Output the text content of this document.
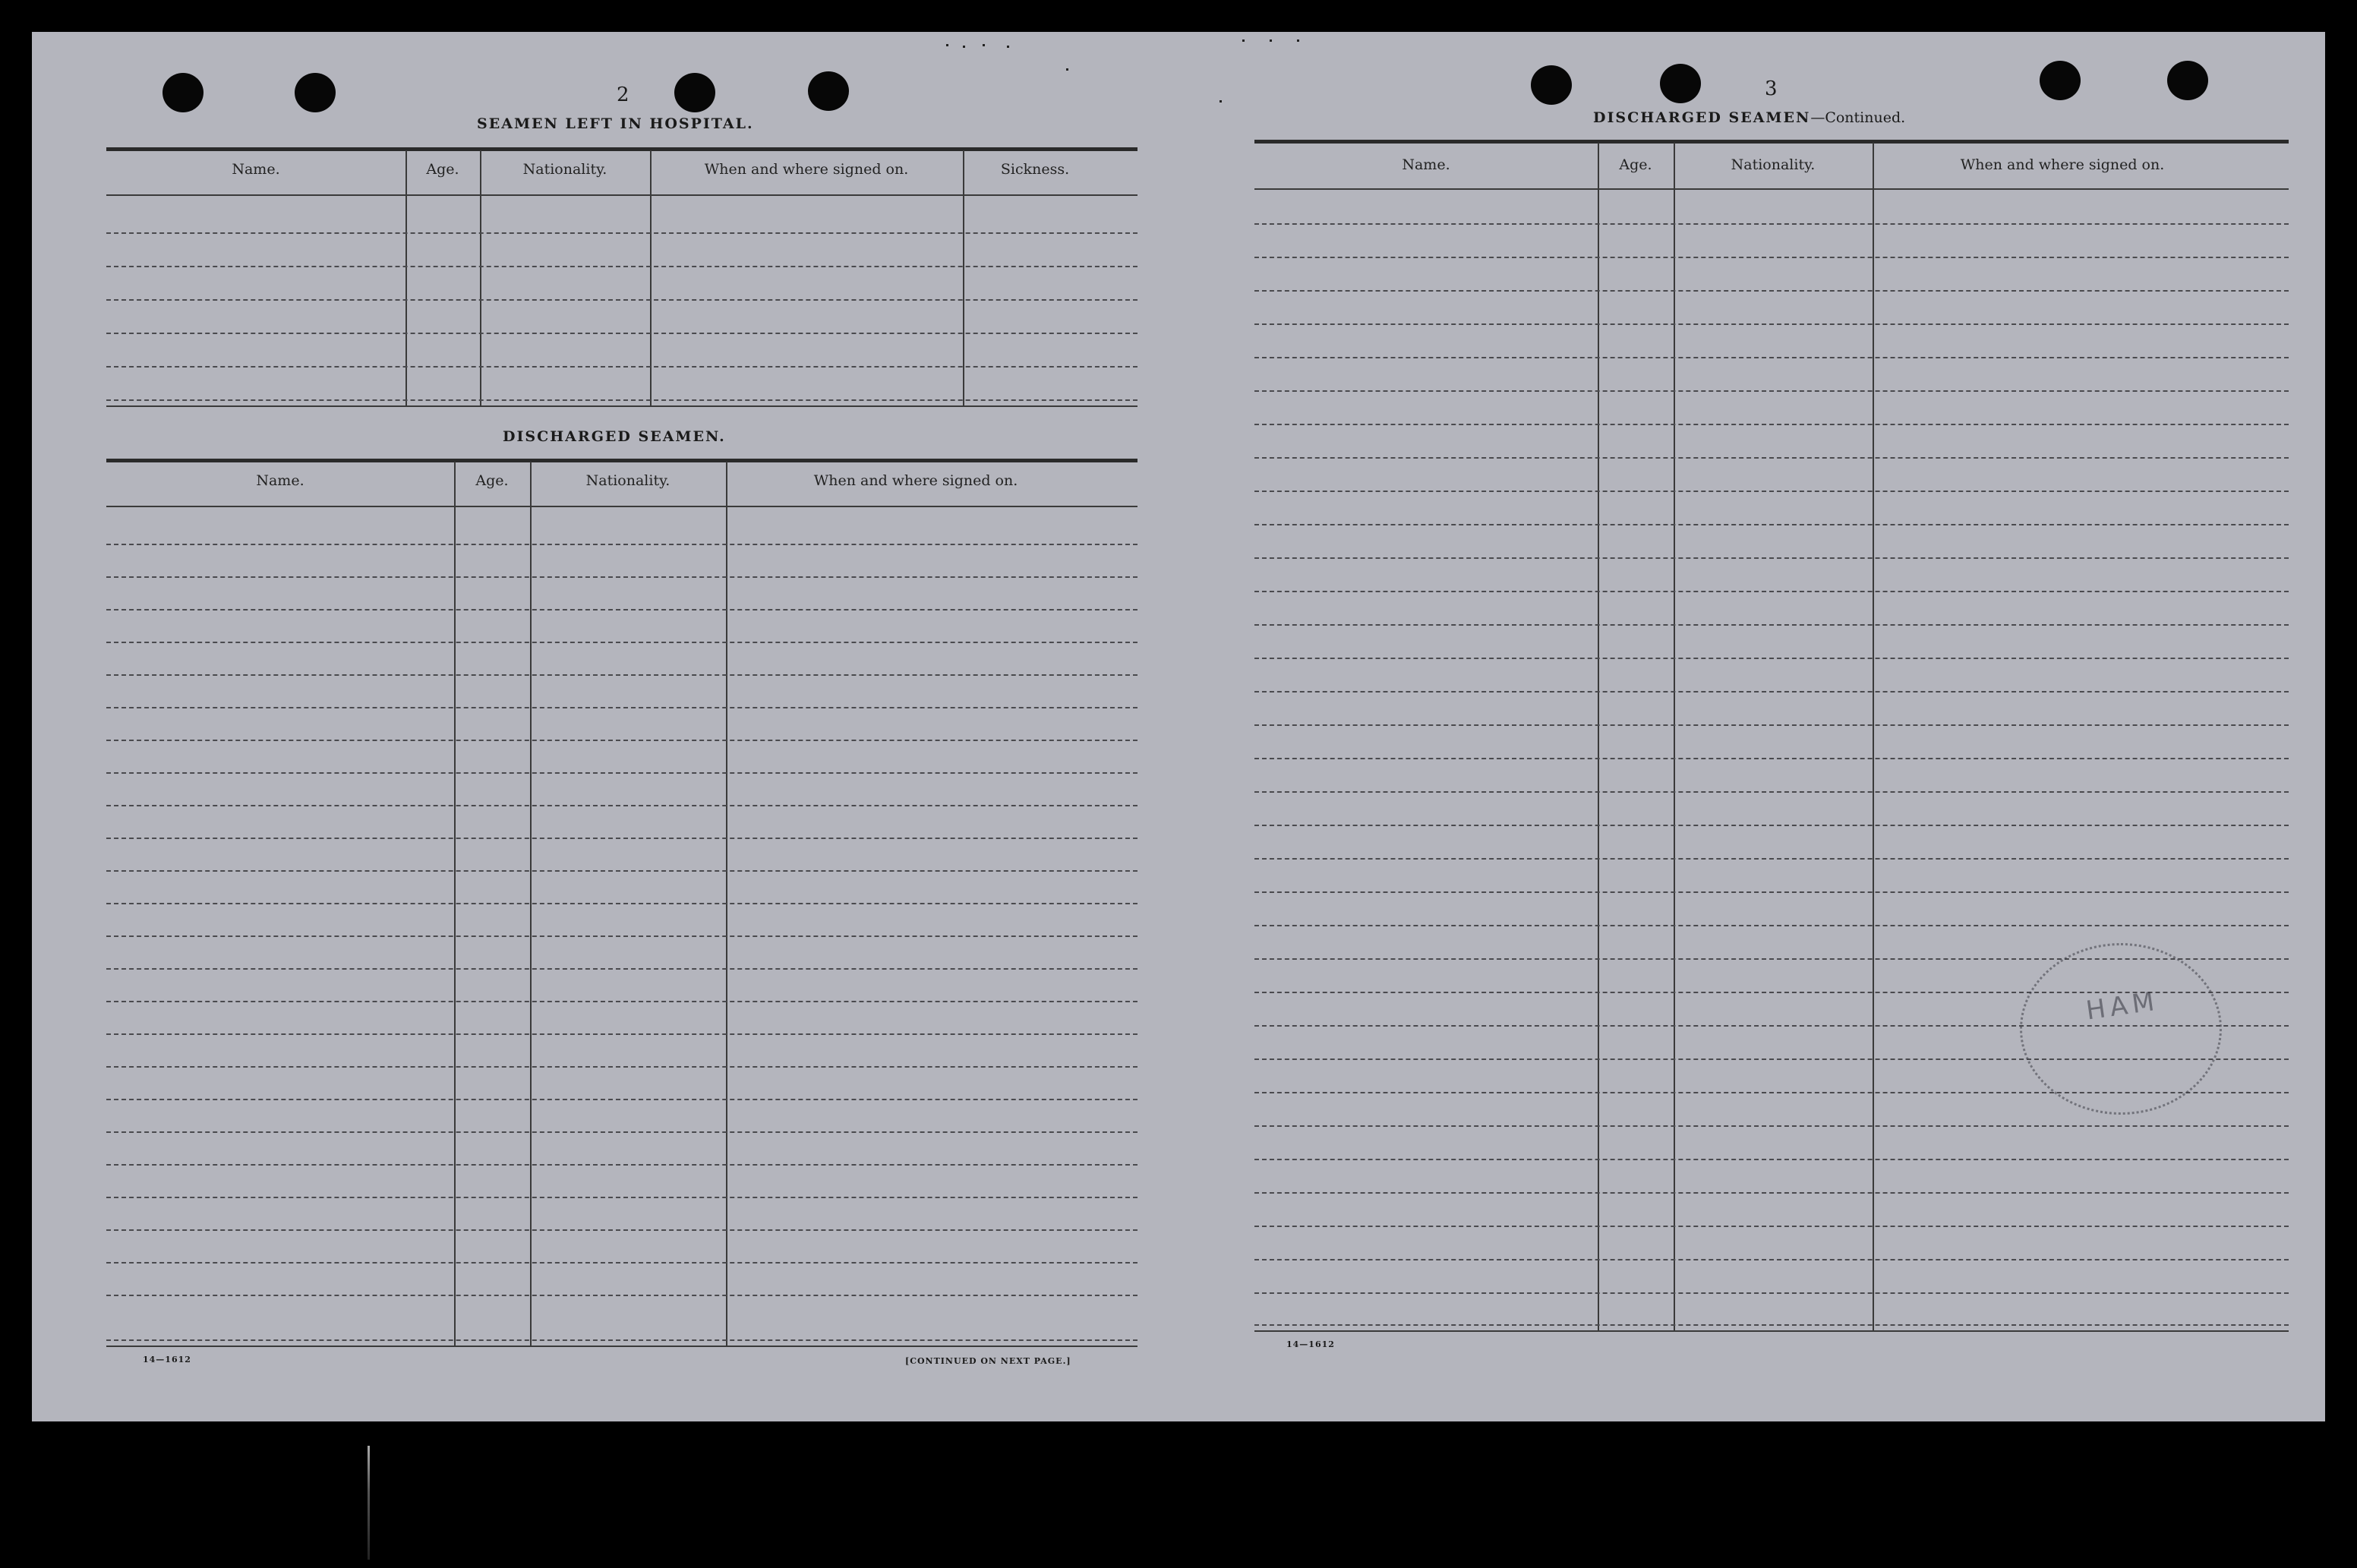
2
SEAMEN LEFT IN HOSPITAL.
Name.	Age.	Nationality.	When and where signed on.	Sickness.
DISCHARGED SEAMEN.
Name.	Age.	Nationality.	When and where signed on.
14—1612	[CONTINUED ON NEXT PAGE.]
3
DISCHARGED SEAMEN—Continued.
Name.	Age.	Nationality.	When and where signed on.
14—1612
HAM
